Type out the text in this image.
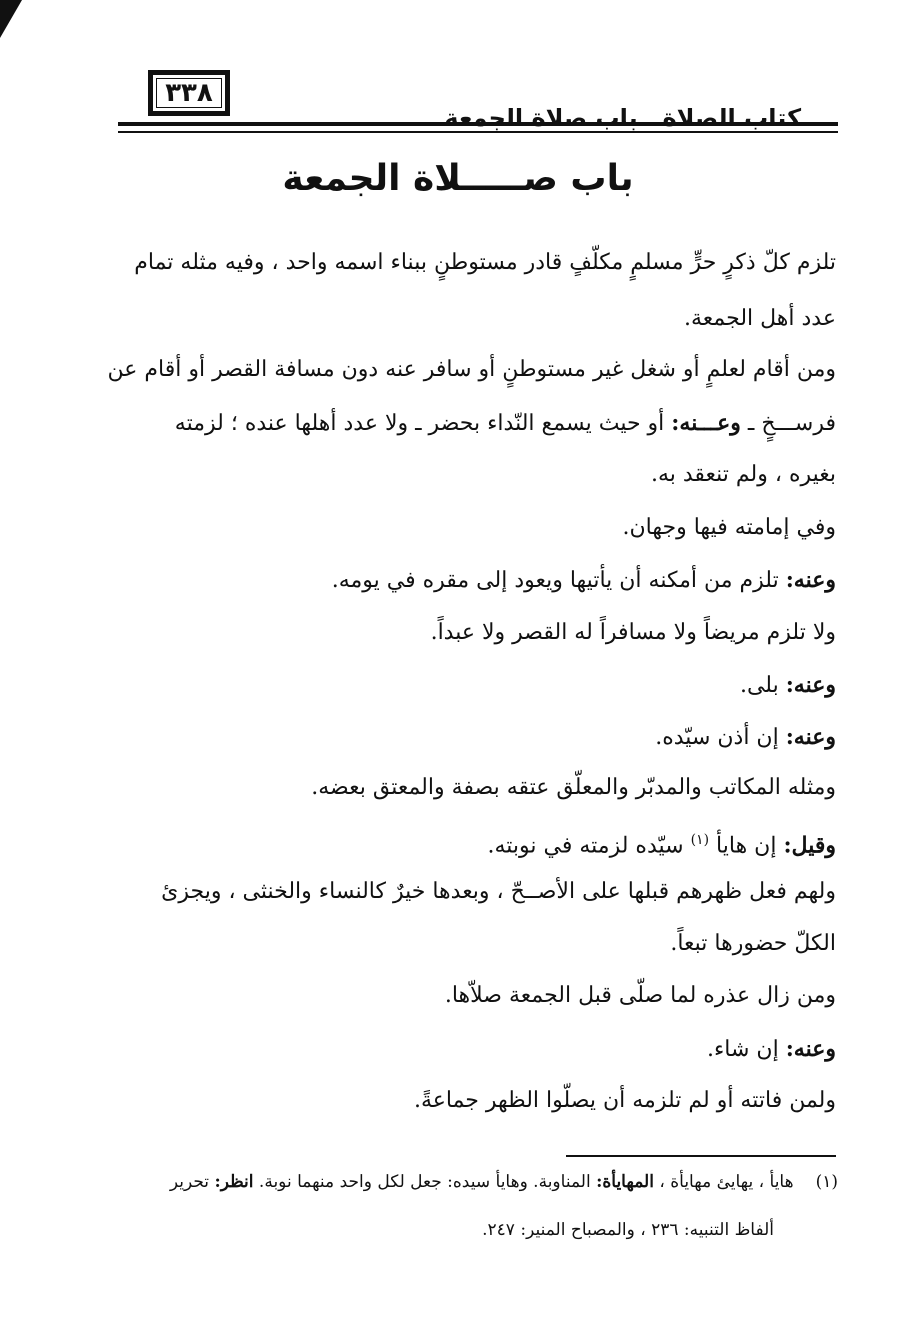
٣٣٨
ـــ كتاب الصلاة ـ باب صلاة الجمعة ـــــــــــــ
باب صـــــلاة الجمعة
تلزم كلّ ذكرٍ حرٍّ مسلمٍ مكلّفٍ قادر مستوطنٍ ببناء اسمه واحد ، وفيه مثله تمام
عدد أهل الجمعة.
ومن أقام لعلمٍ أو شغل غير مستوطنٍ أو سافر عنه دون مسافة القصر أو أقام عن
فرســـخٍ ـ وعـــنه: أو حيث يسمع النّداء بحضر ـ ولا عدد أهلها عنده ؛ لزمته
بغيره ، ولم تنعقد به.
وفي إمامته فيها وجهان.
وعنه: تلزم من أمكنه أن يأتيها ويعود إلى مقره في يومه.
ولا تلزم مريضاً ولا مسافراً له القصر ولا عبداً.
وعنه: بلى.
وعنه: إن أذن سيّده.
ومثله المكاتب والمدبّر والمعلّق عتقه بصفة والمعتق بعضه.
وقيل: إن هايأ $^{(١)}$ سيّده لزمته في نوبته.
ولهم فعل ظهرهم قبلها على الأصــحّ ، وبعدها خيرٌ كالنساء والخنثى ، ويجزئ
الكلّ حضورها تبعاً.
ومن زال عذره لما صلّى قبل الجمعة صلاّها.
وعنه: إن شاء.
ولمن فاتته أو لم تلزمه أن يصلّوا الظهر جماعةً.
(١)هايأ ، يهايئ مهايأة ، المهايأة: المناوبة. وهايأ سيده: جعل لكل واحد منهما نوبة. انظر: تحرير
ألفاظ التنبيه: ٢٣٦ ، والمصباح المنير: ٢٤٧.
